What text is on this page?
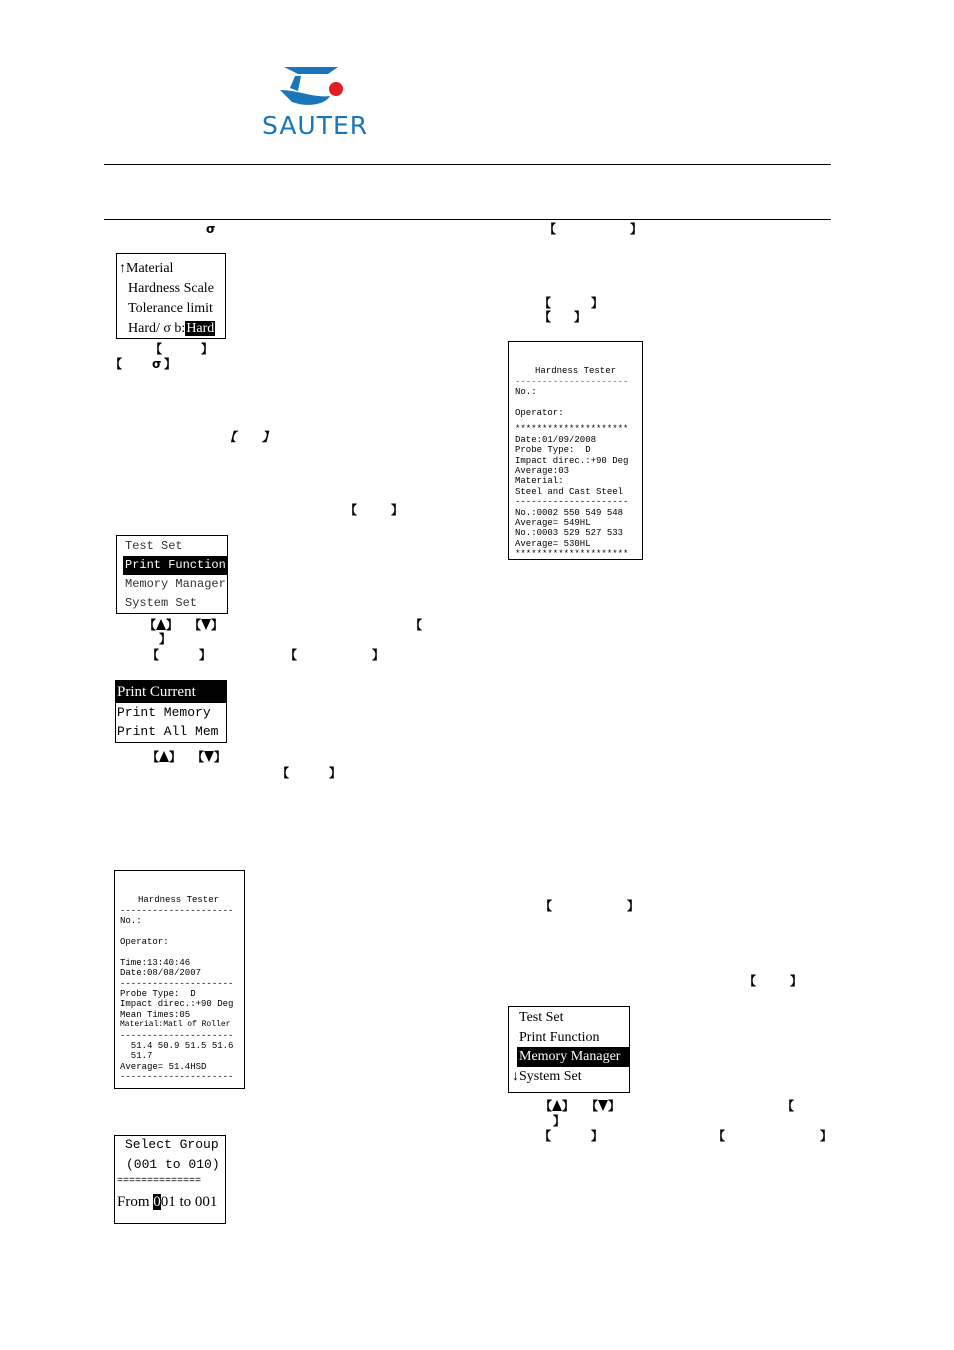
SAUTER
σ
↑Material
Hardness Scale
Tolerance limit
Hard/ σ b:Hard
【	】
【 σ 】
【 】
【	】
Test Set
Print Function
Memory Manager
System Set
【 】 【 】	【
】
【	】	【	】
Print Current
Print Memory
Print All Mem
【 】 【 】
【	】

Hardness Tester
---------------------
No.:
Operator:
Time:13:40:46
Date:08/08/2007
---------------------
Probe Type:  D
Impact direc.:+90 Deg
Mean Times:05
Material:Matl of Roller
---------------------
51.4 50.9 51.5 51.6
51.7
Average= 51.4HSD
---------------------

Select Group
(001 to 010)
==============
From 001 to 001
【	】
【	】
【 】

Hardness Tester
---------------------
No.:
Operator:
*********************
Date:01/09/2008
Probe Type:  D
Impact direc.:+90 Deg
Average:03
Material:
Steel and Cast Steel
---------------------
No.:0002 550 549 548
Average= 549HL
No.:0003 529 527 533
Average= 530HL
*********************

【	】
【	】
Test Set
Print Function
Memory Manager
↓System Set
【 】 【 】	【
】
【	】	【	】
